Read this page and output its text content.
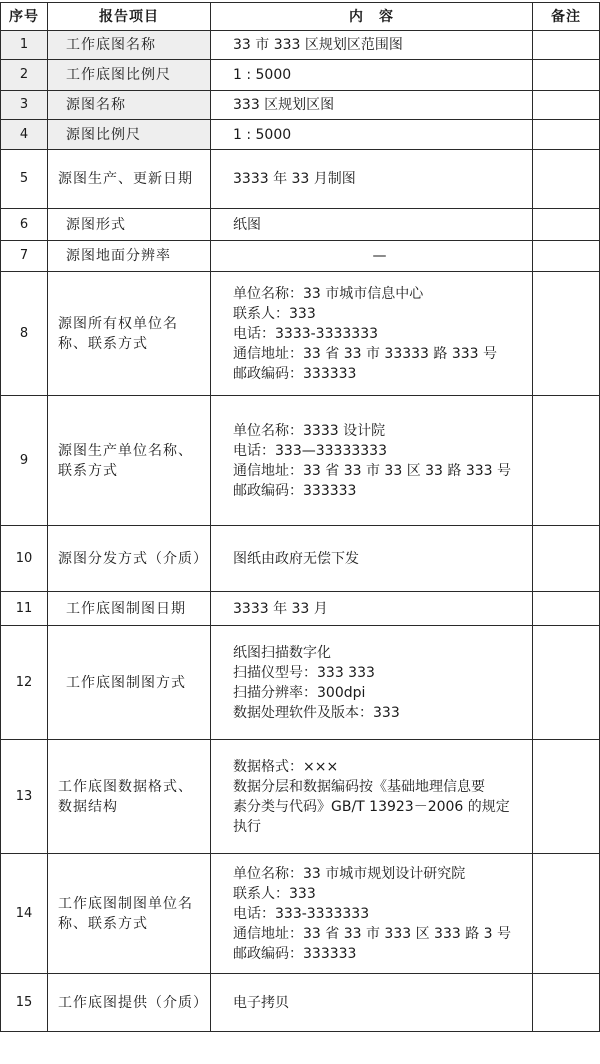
序号	报告项目	内　容	备注
1	工作底图名称	33 市 333 区规划区范围图	

2	工作底图比例尺	1 : 5000	

3	源图名称	333 区规划区图	

4	源图比例尺	1 : 5000	

5	源图生产、更新日期	3333 年 33 月制图	

6	源图形式	纸图	

7	源图地面分辨率	—	

8	源图所有权单位名称、联系方式	单位名称：33 市城市信息中心
联系人：333
电话：3333-3333333
通信地址：33 省 33 市 33333 路 333 号
邮政编码：333333	

9	源图生产单位名称、联系方式	单位名称：3333 设计院
电话：333—33333333
通信地址：33 省 33 市 33 区 33 路 333 号
邮政编码：333333	

10	源图分发方式（介质）	图纸由政府无偿下发	

11	工作底图制图日期	3333 年 33 月	

12	工作底图制图方式	纸图扫描数字化
扫描仪型号：333 333
扫描分辨率：300dpi
数据处理软件及版本：333	

13	工作底图数据格式、数据结构	数据格式：×××
数据分层和数据编码按《基础地理信息要
素分类与代码》GB/T 13923－2006 的规定
执行	

14	工作底图制图单位名称、联系方式	单位名称：33 市城市规划设计研究院
联系人：333
电话：333-3333333
通信地址：33 省 33 市 333 区 333 路 3 号
邮政编码：333333	

15	工作底图提供（介质）	电子拷贝	
